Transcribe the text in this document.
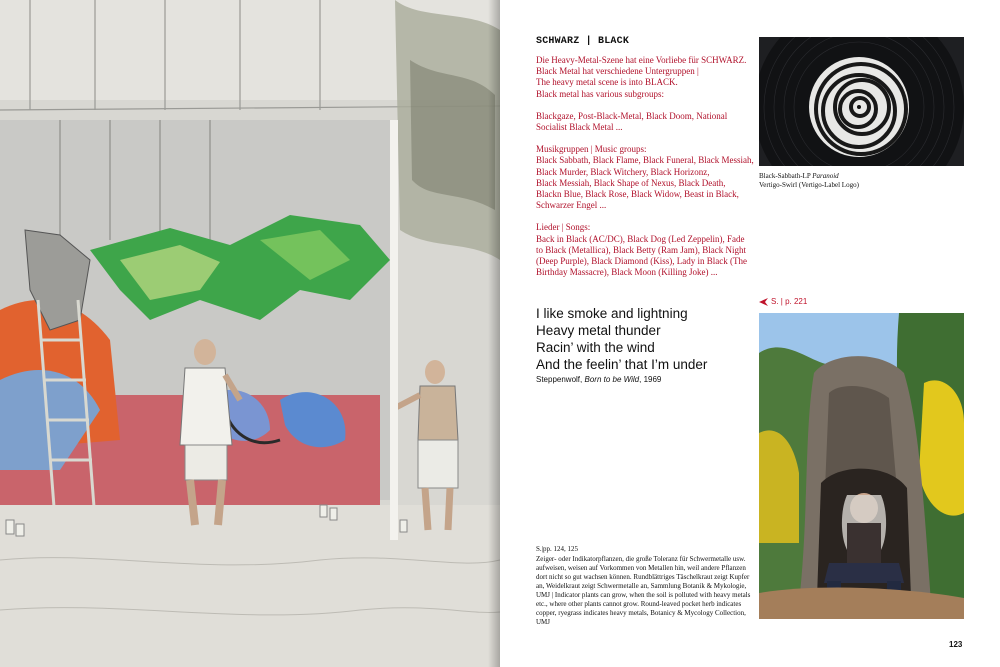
SCHWARZ | BLACK

Die Heavy-Metal-Szene hat eine Vorliebe für SCHWARZ.
Black Metal hat verschiedene Untergruppen |
The heavy metal scene is into BLACK.
Black metal has various subgroups:

Blackgaze, Post-Black-Metal, Black Doom, National
Socialist Black Metal ...

Musikgruppen | Music groups:
Black Sabbath, Black Flame, Black Funeral, Black Messiah,
Black Murder, Black Witchery, Black Horizonz,
Black Messiah, Black Shape of Nexus, Black Death,
Blackn Blue, Black Rose, Black Widow, Beast in Black,
Schwarzer Engel ...

Lieder | Songs:
Back in Black (AC/DC), Black Dog (Led Zeppelin), Fade
to Black (Metallica), Black Betty (Ram Jam), Black Night
(Deep Purple), Black Diamond (Kiss), Lady in Black (The
Birthday Massacre), Black Moon (Killing Joke) ...

I like smoke and lightning
Heavy metal thunder
Racin’ with the wind
And the feelin’ that I’m under
Steppenwolf, Born to be Wild, 1969
S.|pp. 124, 125
Zeiger- oder Indikatorpflanzen, die große Toleranz für Schwermetalle usw. aufweisen, weisen auf Vorkommen von Metallen hin, weil andere Pflanzen dort nicht so gut wachsen können. Rundblättriges Täschelkraut zeigt Kupfer an, Weidelkraut zeigt Schwermetalle an, Sammlung Botanik & Mykologie, UMJ | Indicator plants can grow, when the soil is polluted with heavy metals etc., where other plants cannot grow. Round-leaved pocket herb indicates copper, ryegrass indicates heavy metals, Botanicy & Mycology Collection, UMJ
Black-Sabbath-LP Paranoid
Vertigo-Swirl (Vertigo-Label Logo)
S. | p. 221
123
